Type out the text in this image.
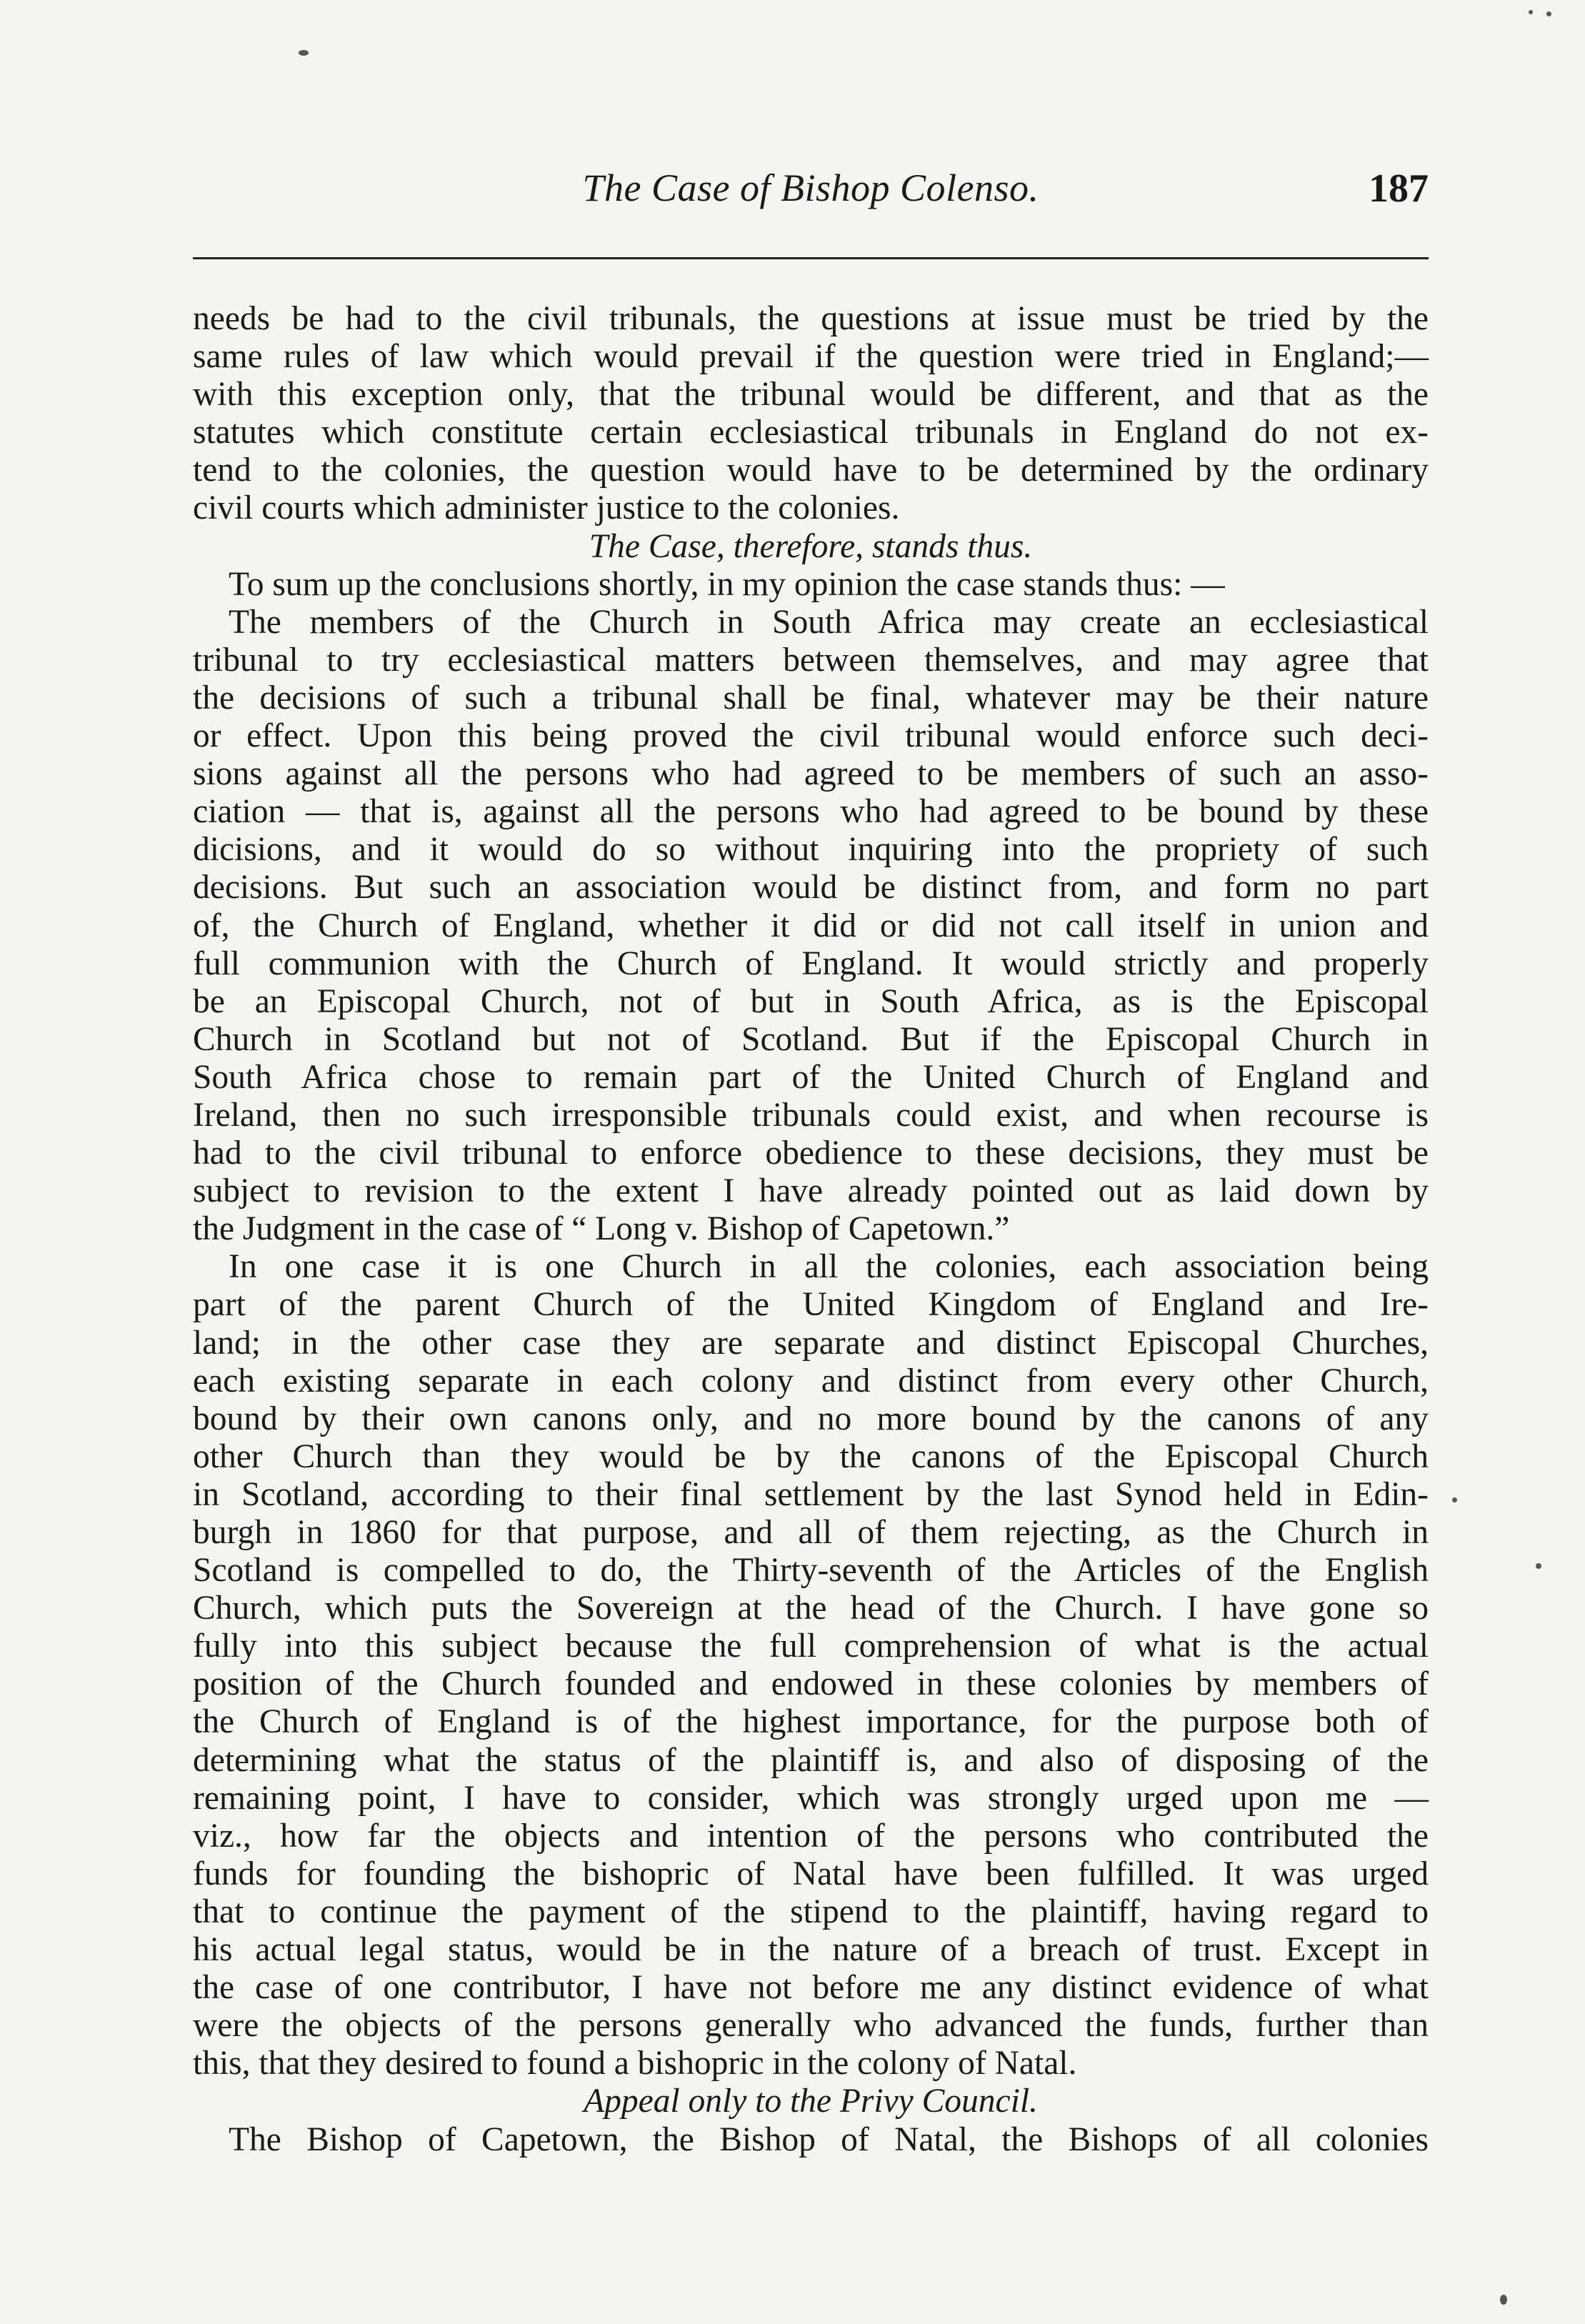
The Case of Bishop Colenso.	187
needs be had to the civil tribunals, the questions at issue must be tried by the
same rules of law which would prevail if the question were tried in England;—
with this exception only, that the tribunal would be different, and that as the
statutes which constitute certain ecclesiastical tribunals in England do not ex-
tend to the colonies, the question would have to be determined by the ordinary
civil courts which administer justice to the colonies.
The Case, therefore, stands thus.
To sum up the conclusions shortly, in my opinion the case stands thus: —
The members of the Church in South Africa may create an ecclesiastical
tribunal to try ecclesiastical matters between themselves, and may agree that
the decisions of such a tribunal shall be final, whatever may be their nature
or effect. Upon this being proved the civil tribunal would enforce such deci-
sions against all the persons who had agreed to be members of such an asso-
ciation — that is, against all the persons who had agreed to be bound by these
dicisions, and it would do so without inquiring into the propriety of such
decisions. But such an association would be distinct from, and form no part
of, the Church of England, whether it did or did not call itself in union and
full communion with the Church of England. It would strictly and properly
be an Episcopal Church, not of but in South Africa, as is the Episcopal
Church in Scotland but not of Scotland. But if the Episcopal Church in
South Africa chose to remain part of the United Church of England and
Ireland, then no such irresponsible tribunals could exist, and when recourse is
had to the civil tribunal to enforce obedience to these decisions, they must be
subject to revision to the extent I have already pointed out as laid down by
the Judgment in the case of “ Long v. Bishop of Capetown.”
In one case it is one Church in all the colonies, each association being
part of the parent Church of the United Kingdom of England and Ire-
land; in the other case they are separate and distinct Episcopal Churches,
each existing separate in each colony and distinct from every other Church,
bound by their own canons only, and no more bound by the canons of any
other Church than they would be by the canons of the Episcopal Church
in Scotland, according to their final settlement by the last Synod held in Edin-
burgh in 1860 for that purpose, and all of them rejecting, as the Church in
Scotland is compelled to do, the Thirty-seventh of the Articles of the English
Church, which puts the Sovereign at the head of the Church. I have gone so
fully into this subject because the full comprehension of what is the actual
position of the Church founded and endowed in these colonies by members of
the Church of England is of the highest importance, for the purpose both of
determining what the status of the plaintiff is, and also of disposing of the
remaining point, I have to consider, which was strongly urged upon me —
viz., how far the objects and intention of the persons who contributed the
funds for founding the bishopric of Natal have been fulfilled. It was urged
that to continue the payment of the stipend to the plaintiff, having regard to
his actual legal status, would be in the nature of a breach of trust. Except in
the case of one contributor, I have not before me any distinct evidence of what
were the objects of the persons generally who advanced the funds, further than
this, that they desired to found a bishopric in the colony of Natal.
Appeal only to the Privy Council.
The Bishop of Capetown, the Bishop of Natal, the Bishops of all colonies
